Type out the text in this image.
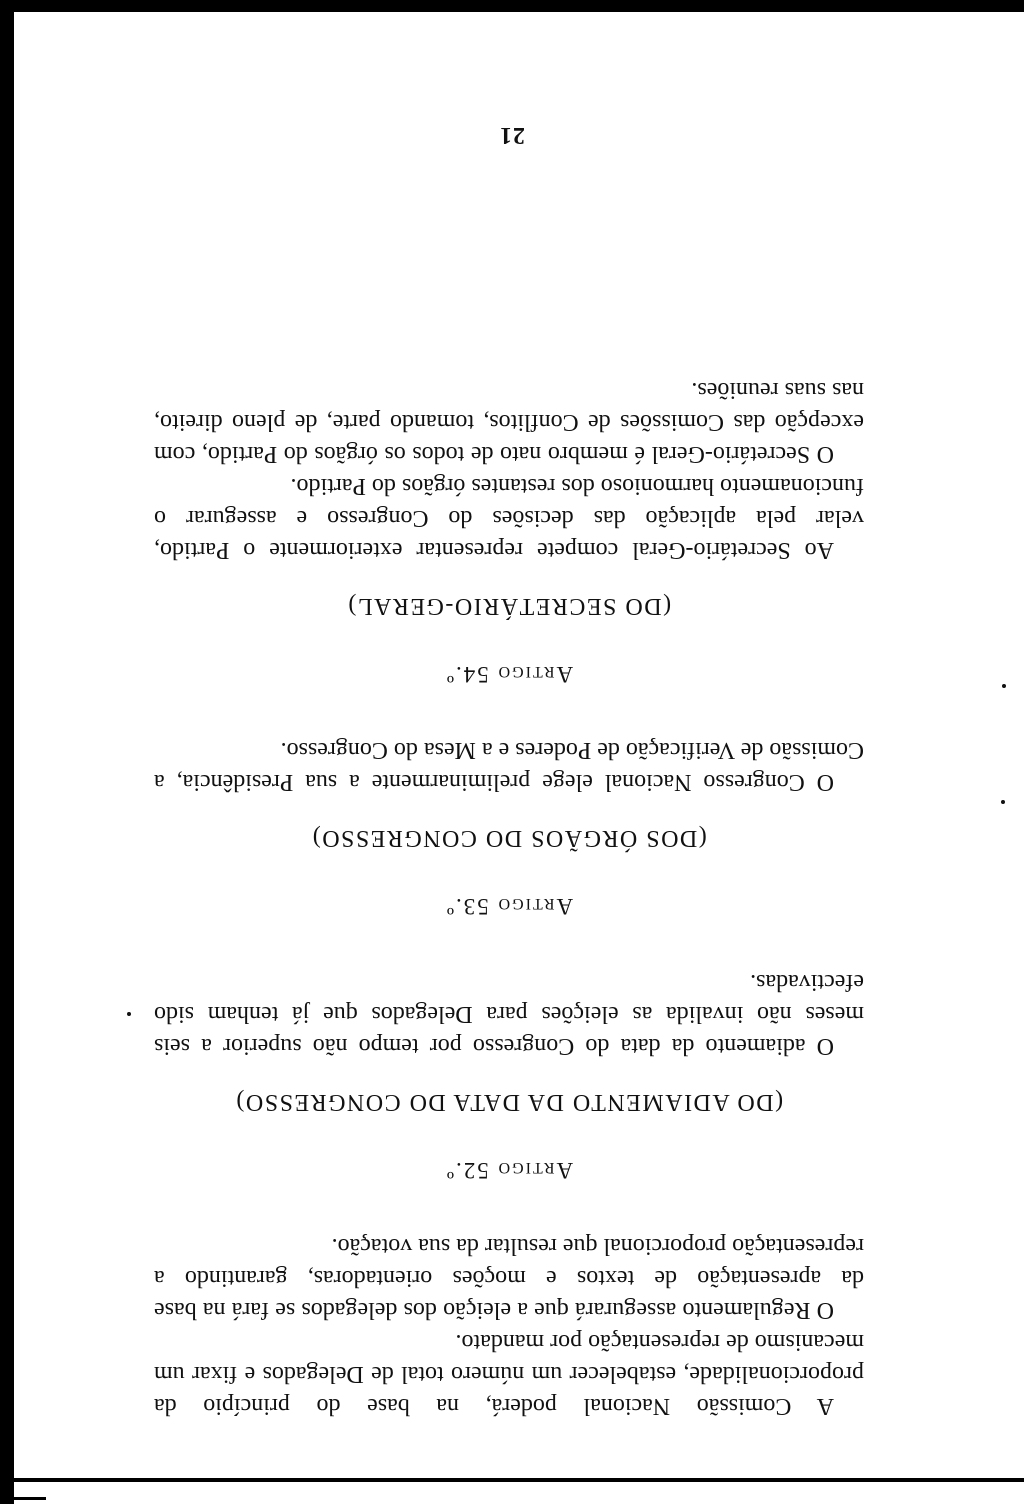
A Comissão Nacional poderá, na base do princípio da proporcionalidade, estabelecer um número total de Delegados e fixar um mecanismo de representação por mandato.

O Regulamento assegurará que a eleição dos delegados se fará na base da apresentação de textos e moções orientadoras, garantindo a representação proporcional que resultar da sua votação.

Artigo 52.º
(DO ADIAMENTO DA DATA DO CONGRESSO)

O adiamento da data do Congresso por tempo não superior a seis meses não invalida as eleições para Delegados que já tenham sido efectivadas.

Artigo 53.º
(DOS ÓRGÃOS DO CONGRESSO)

O Congresso Nacional elege preliminarmente a sua Presidência, a Comissão de Verificação de Poderes e a Mesa do Congresso.

Artigo 54.º
(DO SECRETÁRIO-GERAL)

Ao Secretário-Geral compete representar exteriormente o Partido, velar pela aplicação das decisões do Congresso e assegurar o funcionamento harmonioso dos restantes órgãos do Partido.

O Secretário-Geral é membro nato de todos os órgãos do Partido, com excepção das Comissões de Conflitos, tomando parte, de pleno direito, nas suas reuniões.

21
